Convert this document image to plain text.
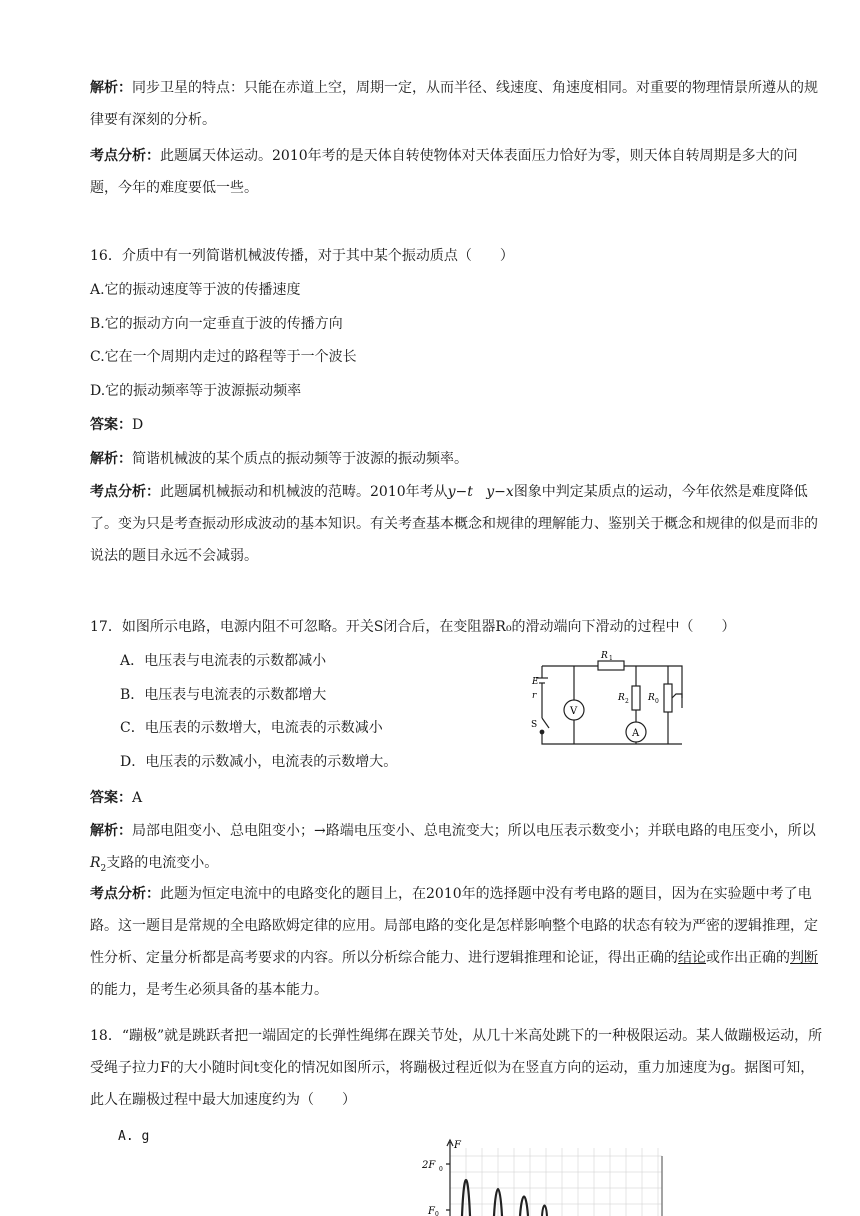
解析：同步卫星的特点：只能在赤道上空，周期一定，从而半径、线速度、角速度相同。对重要的物理情景所遵从的规律要有深刻的分析。

考点分析：此题属天体运动。2010年考的是天体自转使物体对天体表面压力恰好为零，则天体自转周期是多大的问题，今年的难度要低一些。

16．介质中有一列简谐机械波传播，对于其中某个振动质点（　　）
A.它的振动速度等于波的传播速度
B.它的振动方向一定垂直于波的传播方向
C.它在一个周期内走过的路程等于一个波长
D.它的振动频率等于波源振动频率
答案：D
解析：简谐机械波的某个质点的振动频等于波源的振动频率。

考点分析：此题属机械振动和机械波的范畴。2010年考从y−t y−x图象中判定某质点的运动，今年依然是难度降低了。变为只是考查振动形成波动的基本知识。有关考查基本概念和规律的理解能力、鉴别关于概念和规律的似是而非的说法的题目永远不会减弱。

17．如图所示电路，电源内阻不可忽略。开关S闭合后，在变阻器R₀的滑动端向下滑动的过程中（　　）
A．电压表与电流表的示数都减小
B．电压表与电流表的示数都增大
C．电压表的示数增大，电流表的示数减小
D．电压表的示数减小，电流表的示数增大。
R 1
R 2 R 0
E
r
S
V
A
答案：A

解析：局部电阻变小、总电阻变小；→路端电压变小、总电流变大；所以电压表示数变小；并联电路的电压变小，所以$R_2$支路的电流变小。

考点分析：此题为恒定电流中的电路变化的题目上，在2010年的选择题中没有考电路的题目，因为在实验题中考了电路。这一题目是常规的全电路欧姆定律的应用。局部电路的变化是怎样影响整个电路的状态有较为严密的逻辑推理，定性分析、定量分析都是高考要求的内容。所以分析综合能力、进行逻辑推理和论证，得出正确的结论或作出正确的判断的能力，是考生必须具备的基本能力。

18．“蹦极”就是跳跃者把一端固定的长弹性绳绑在踝关节处，从几十米高处跳下的一种极限运动。某人做蹦极运动，所受绳子拉力F的大小随时间t变化的情况如图所示，将蹦极过程近似为在竖直方向的运动，重力加速度为g。据图可知，此人在蹦极过程中最大加速度约为（　　）

A. g
F
2F 0
F 0
